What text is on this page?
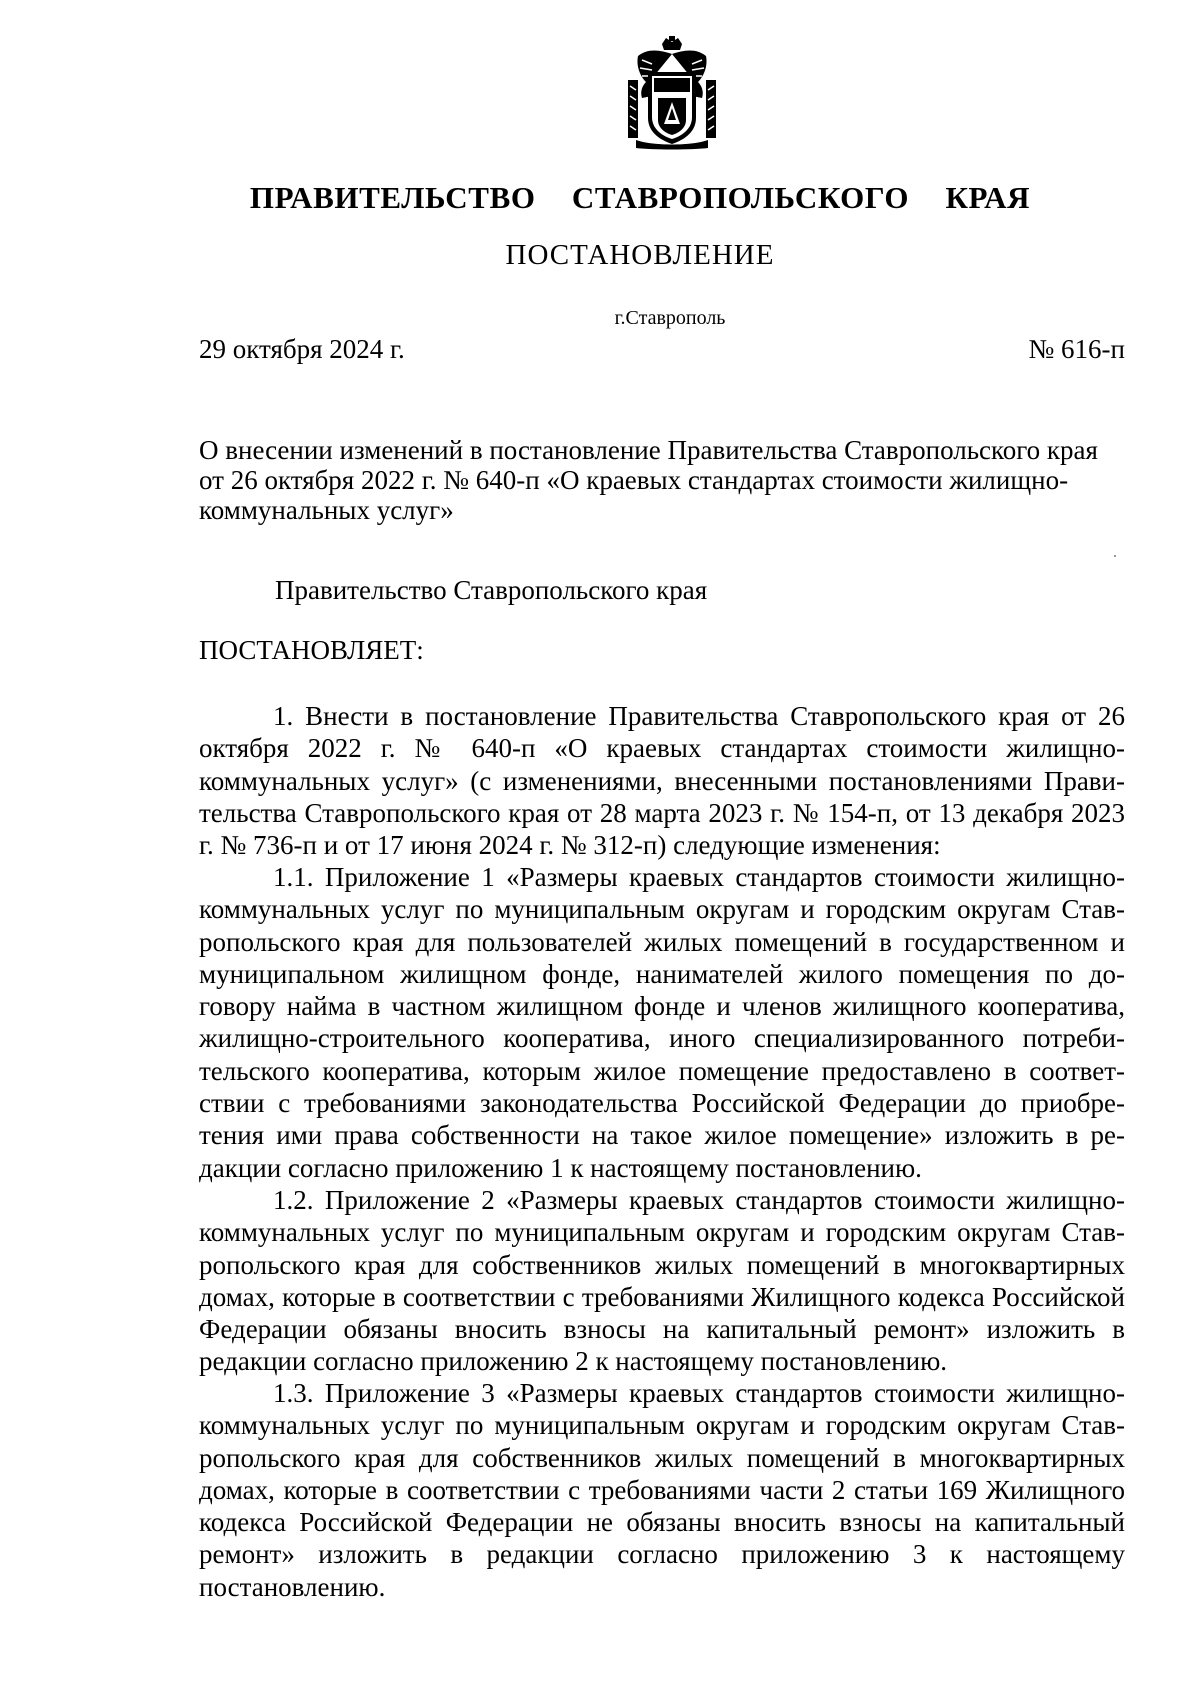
ПРАВИТЕЛЬСТВО СТАВРОПОЛЬСКОГО КРАЯ
ПОСТАНОВЛЕНИЕ
г.Ставрополь
29 октября 2024 г.	№ 616-п
О внесении изменений в постановление Правительства Ставропольского края
от 26 октября 2022 г. № 640-п «О краевых стандартах стоимости жилищно-
коммунальных услуг»
Правительство Ставропольского края
ПОСТАНОВЛЯЕТ:

1. Внести в постановление Правительства Ставропольского края от 26 октября 2022 г. № 640-п «О краевых стандартах стоимости жилищно-коммунальных услуг» (с изменениями, внесенными постановлениями Правительства Ставропольского края от 28 марта 2023 г. № 154-п, от 13 декабря 2023 г. № 736-п и от 17 июня 2024 г. № 312-п) следующие изменения:

1.1. Приложение 1 «Размеры краевых стандартов стоимости жилищно-коммунальных услуг по муниципальным округам и городским округам Ставропольского края для пользователей жилых помещений в государственном и муниципальном жилищном фонде, нанимателей жилого помещения по договору найма в частном жилищном фонде и членов жилищного кооператива, жилищно-строительного кооператива, иного специализированного потребительского кооператива, которым жилое помещение предоставлено в соответствии с требованиями законодательства Российской Федерации до приобретения ими права собственности на такое жилое помещение» изложить в редакции согласно приложению 1 к настоящему постановлению.

1.2. Приложение 2 «Размеры краевых стандартов стоимости жилищно-коммунальных услуг по муниципальным округам и городским округам Ставропольского края для собственников жилых помещений в многоквартирных домах, которые в соответствии с требованиями Жилищного кодекса Российской Федерации обязаны вносить взносы на капитальный ремонт» изложить в редакции согласно приложению 2 к настоящему постановлению.

1.3. Приложение 3 «Размеры краевых стандартов стоимости жилищно-коммунальных услуг по муниципальным округам и городским округам Ставропольского края для собственников жилых помещений в многоквартирных домах, которые в соответствии с требованиями части 2 статьи 169 Жилищного кодекса Российской Федерации не обязаны вносить взносы на капитальный ремонт» изложить в редакции согласно приложению 3 к настоящему постановлению.
